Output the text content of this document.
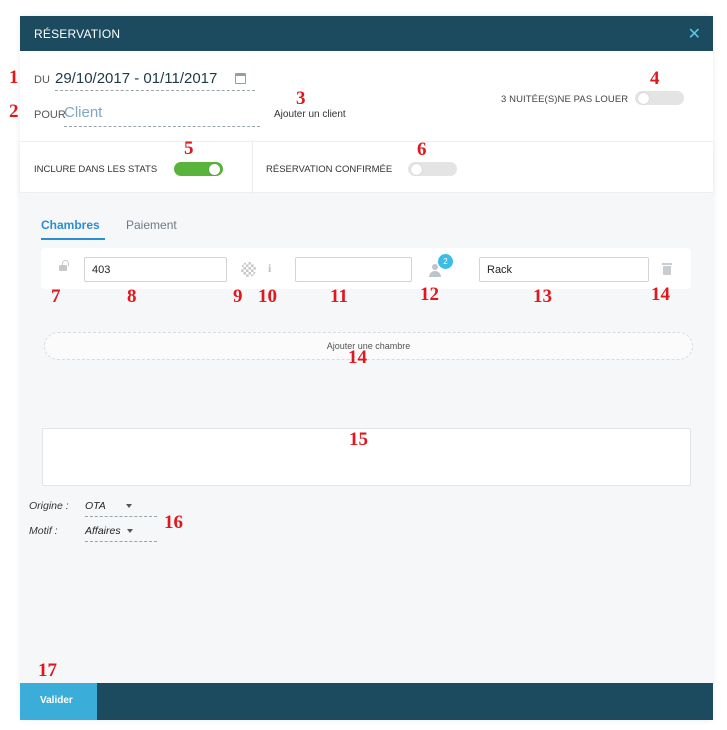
RÉSERVATION	✕
DU 29/10/2017 - 01/11/2017
POUR
Client	Ajouter un client
3 NUITÉE(S)NE PAS LOUER
INCLURE DANS LES STATS	RÉSERVATION CONFIRMÉE
Chambres Paiement
403	i	2
Rack
Ajouter une chambre
Origine : OTA
Motif :	Affaires
Valider
1
2
3
4
5	6
7	8	9 10	11	12	13	14
14
15
16
17
